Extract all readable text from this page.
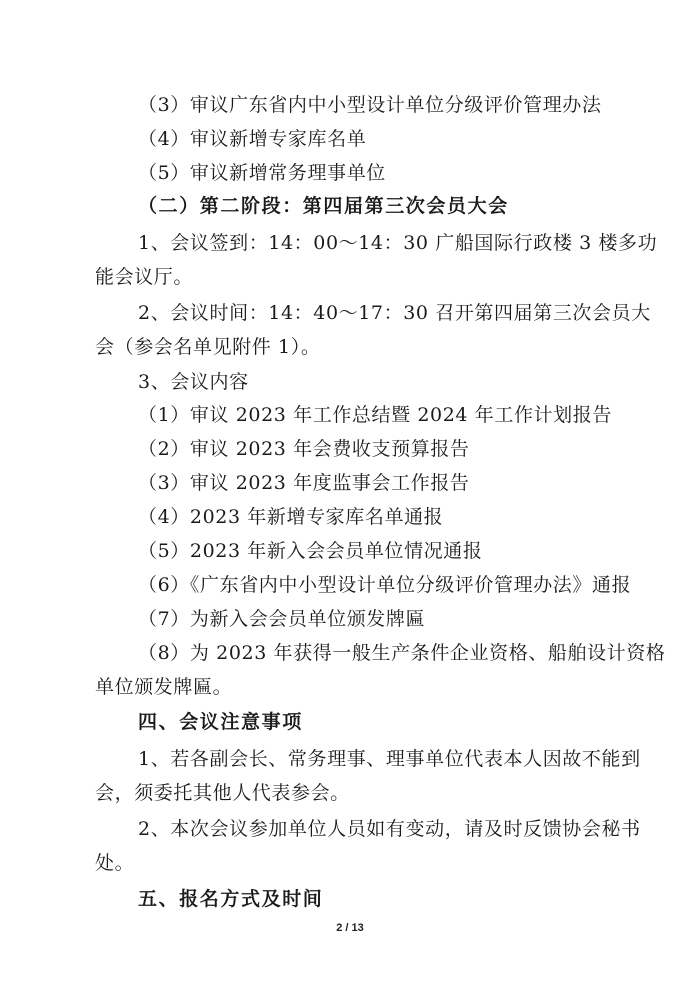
（3）审议广东省内中小型设计单位分级评价管理办法
（4）审议新增专家库名单
（5）审议新增常务理事单位
（二）第二阶段：第四届第三次会员大会
1、会议签到：14：00～14：30 广船国际行政楼 3 楼多功
能会议厅。
2、会议时间：14：40～17：30 召开第四届第三次会员大
会（参会名单见附件 1）。
3、会议内容
（1）审议 2023 年工作总结暨 2024 年工作计划报告
（2）审议 2023 年会费收支预算报告
（3）审议 2023 年度监事会工作报告
（4）2023 年新增专家库名单通报
（5）2023 年新入会会员单位情况通报
（6）《广东省内中小型设计单位分级评价管理办法》通报
（7）为新入会会员单位颁发牌匾
（8）为 2023 年获得一般生产条件企业资格、船舶设计资格
单位颁发牌匾。
四、会议注意事项
1、若各副会长、常务理事、理事单位代表本人因故不能到
会，须委托其他人代表参会。
2、本次会议参加单位人员如有变动，请及时反馈协会秘书
处。
五、报名方式及时间
2 / 13
